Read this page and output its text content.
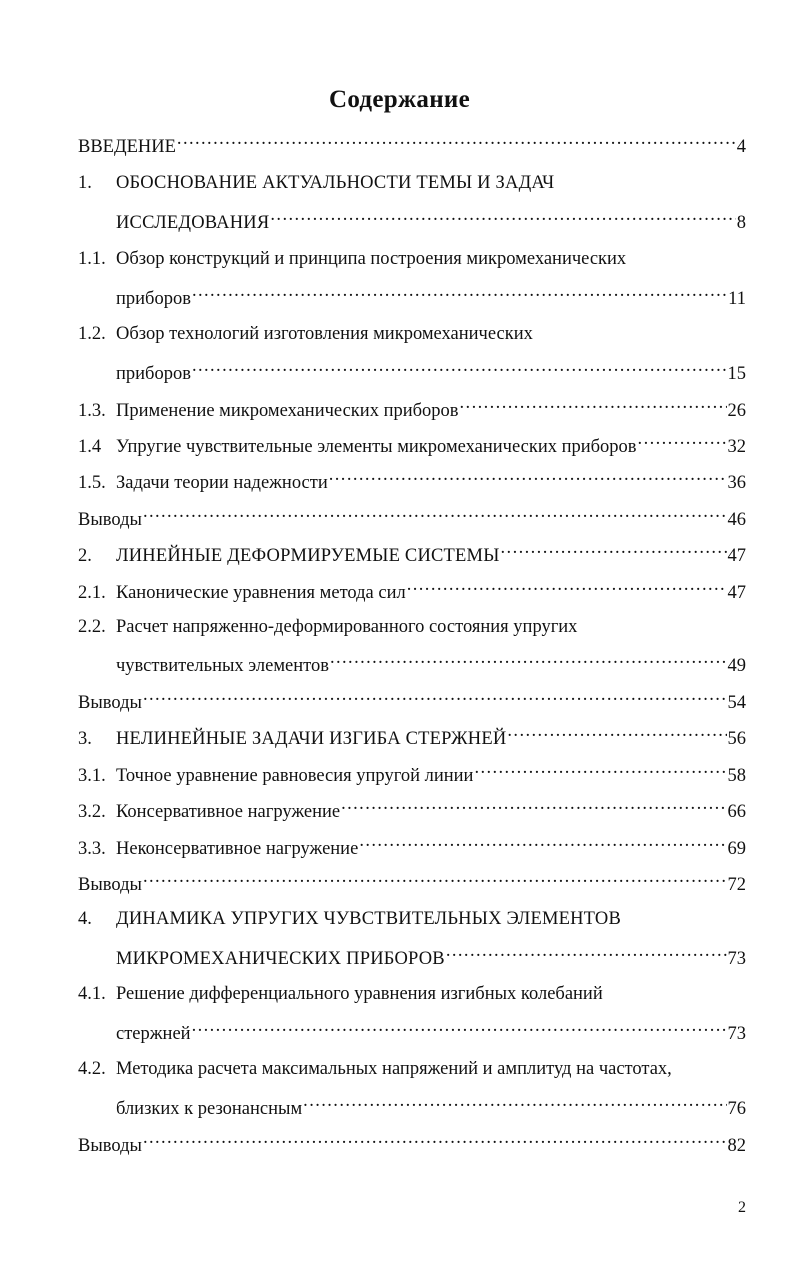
Содержание
ВВЕДЕНИЕ .....	4
1.	ОБОСНОВАНИЕ АКТУАЛЬНОСТИ ТЕМЫ И ЗАДАЧ
ИССЛЕДОВАНИЯ .....	8
1.1. Обзор конструкций и принципа построения микромеханических
приборов .....	11
1.2. Обзор технологий изготовления микромеханических
приборов .....	15
1.3. Применение микромеханических приборов .....	26
1.4 Упругие чувствительные элементы микромеханических приборов .....	32
1.5. Задачи теории надежности .....	36
Выводы .....	46
2.	ЛИНЕЙНЫЕ ДЕФОРМИРУЕМЫЕ СИСТЕМЫ .....	47
2.1. Канонические уравнения метода сил .....	47
2.2. Расчет напряженно-деформированного состояния упругих
чувствительных элементов .....	49
Выводы .....	54
3.	НЕЛИНЕЙНЫЕ ЗАДАЧИ ИЗГИБА СТЕРЖНЕЙ .....	56
3.1. Точное уравнение равновесия упругой линии .....	58
3.2. Консервативное нагружение .....	66
3.3. Неконсервативное нагружение .....	69
Выводы .....	72
4.	ДИНАМИКА УПРУГИХ ЧУВСТВИТЕЛЬНЫХ ЭЛЕМЕНТОВ
МИКРОМЕХАНИЧЕСКИХ ПРИБОРОВ .....	73
4.1. Решение дифференциального уравнения изгибных колебаний
стержней .....	73
4.2. Методика расчета максимальных напряжений и амплитуд на частотах,
близких к резонансным .....	76
Выводы .....	82
2
